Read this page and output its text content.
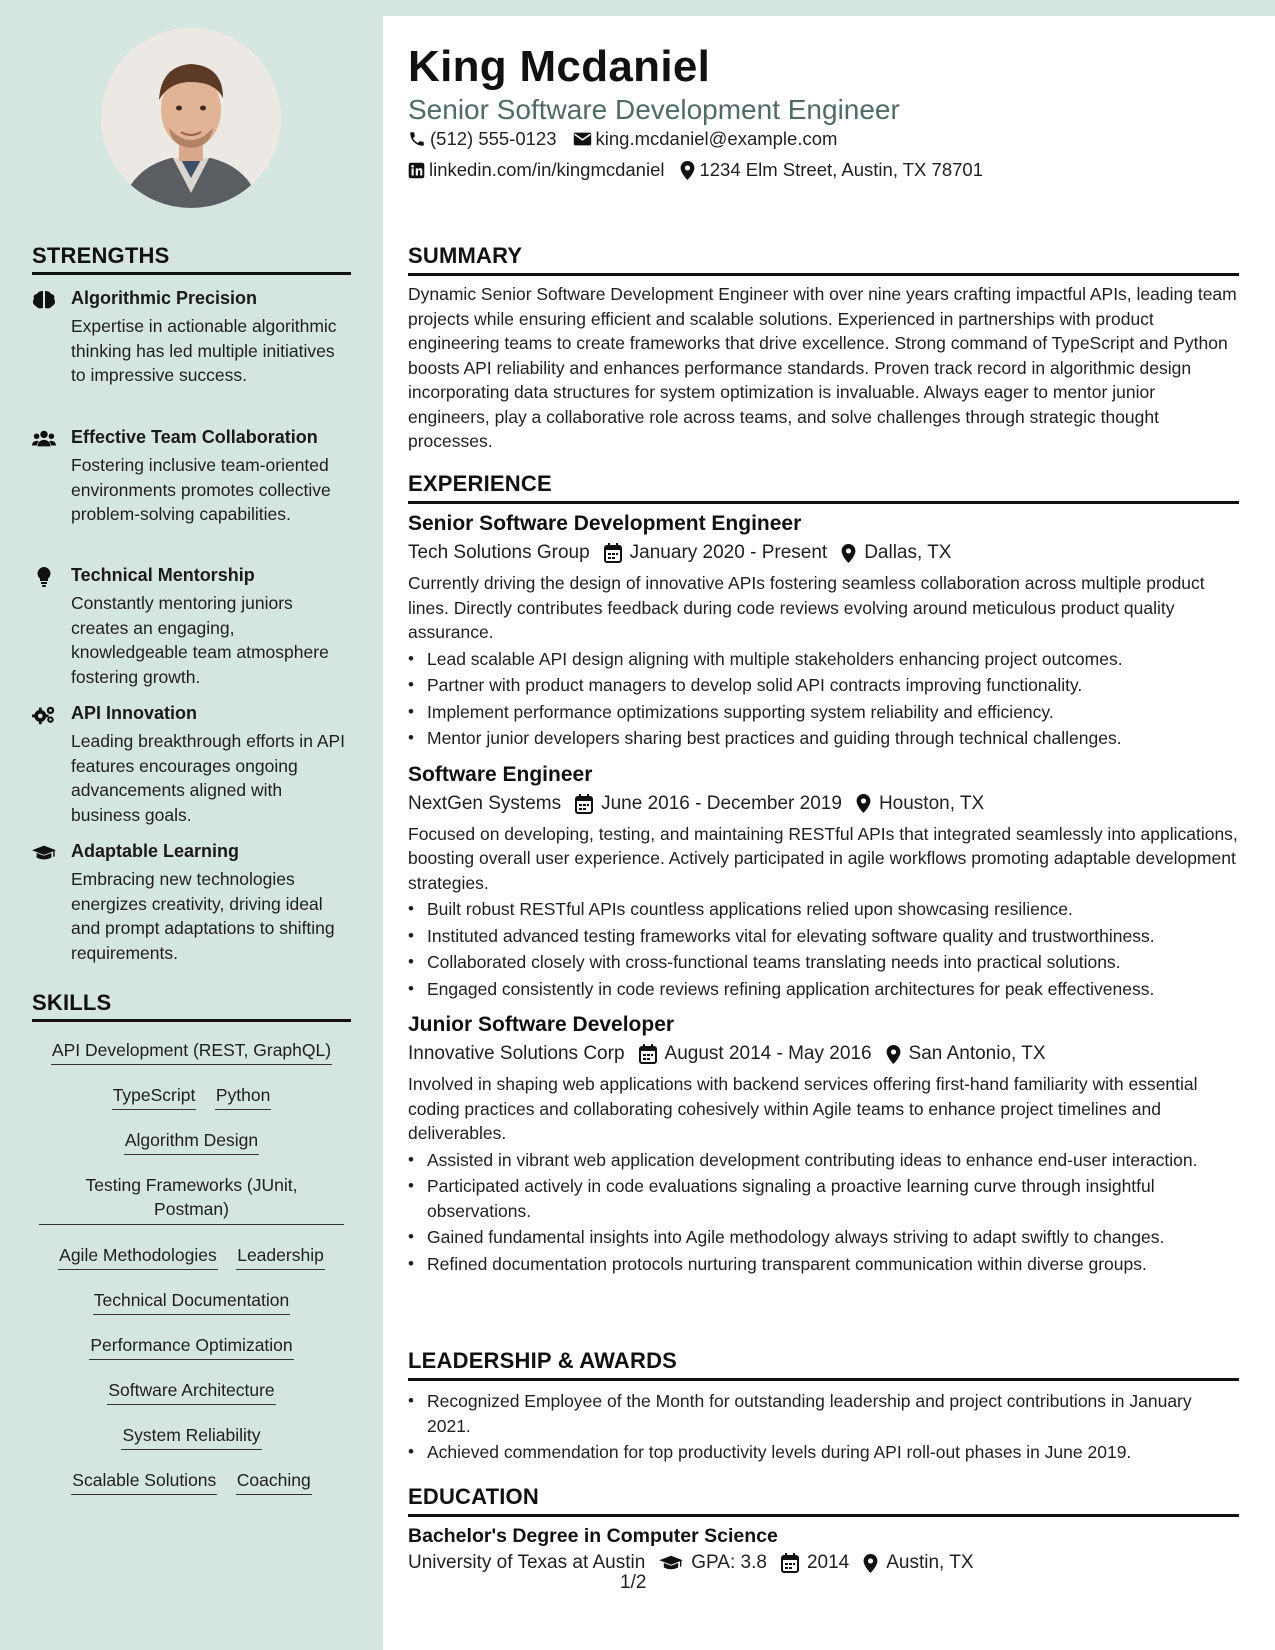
King Mcdaniel
Senior Software Development Engineer
(512) 555-0123 king.mcdaniel@example.com
linkedin.com/in/kingmcdaniel 1234 Elm Street, Austin, TX 78701
STRENGTHS
Algorithmic Precision
Expertise in actionable algorithmic thinking has led multiple initiatives to impressive success.
Effective Team Collaboration
Fostering inclusive team-oriented environments promotes collective problem-solving capabilities.
Technical Mentorship
Constantly mentoring juniors creates an engaging, knowledgeable team atmosphere fostering growth.
API Innovation
Leading breakthrough efforts in API features encourages ongoing advancements aligned with business goals.
Adaptable Learning
Embracing new technologies energizes creativity, driving ideal and prompt adaptations to shifting requirements.
SKILLS
API Development (REST, GraphQL)
TypeScript Python
Algorithm Design
Testing Frameworks (JUnit, Postman)
Agile Methodologies Leadership
Technical Documentation
Performance Optimization
Software Architecture
System Reliability
Scalable Solutions Coaching
SUMMARY
Dynamic Senior Software Development Engineer with over nine years crafting impactful APIs, leading team projects while ensuring efficient and scalable solutions. Experienced in partnerships with product engineering teams to create frameworks that drive excellence. Strong command of TypeScript and Python boosts API reliability and enhances performance standards. Proven track record in algorithmic design incorporating data structures for system optimization is invaluable. Always eager to mentor junior engineers, play a collaborative role across teams, and solve challenges through strategic thought processes.
EXPERIENCE
Senior Software Development Engineer
Tech Solutions Group January 2020 - Present Dallas, TX
Currently driving the design of innovative APIs fostering seamless collaboration across multiple product lines. Directly contributes feedback during code reviews evolving around meticulous product quality assurance.
• Lead scalable API design aligning with multiple stakeholders enhancing project outcomes.
• Partner with product managers to develop solid API contracts improving functionality.
• Implement performance optimizations supporting system reliability and efficiency.
• Mentor junior developers sharing best practices and guiding through technical challenges.
Software Engineer
NextGen Systems June 2016 - December 2019 Houston, TX
Focused on developing, testing, and maintaining RESTful APIs that integrated seamlessly into applications, boosting overall user experience. Actively participated in agile workflows promoting adaptable development strategies.
• Built robust RESTful APIs countless applications relied upon showcasing resilience.
• Instituted advanced testing frameworks vital for elevating software quality and trustworthiness.
• Collaborated closely with cross-functional teams translating needs into practical solutions.
• Engaged consistently in code reviews refining application architectures for peak effectiveness.
Junior Software Developer
Innovative Solutions Corp August 2014 - May 2016 San Antonio, TX
Involved in shaping web applications with backend services offering first-hand familiarity with essential coding practices and collaborating cohesively within Agile teams to enhance project timelines and deliverables.
• Assisted in vibrant web application development contributing ideas to enhance end-user interaction.
• Participated actively in code evaluations signaling a proactive learning curve through insightful observations.
• Gained fundamental insights into Agile methodology always striving to adapt swiftly to changes.
• Refined documentation protocols nurturing transparent communication within diverse groups.
LEADERSHIP & AWARDS
• Recognized Employee of the Month for outstanding leadership and project contributions in January 2021.
• Achieved commendation for top productivity levels during API roll-out phases in June 2019.
EDUCATION
Bachelor's Degree in Computer Science
University of Texas at Austin GPA: 3.8 2014 Austin, TX
1/2
